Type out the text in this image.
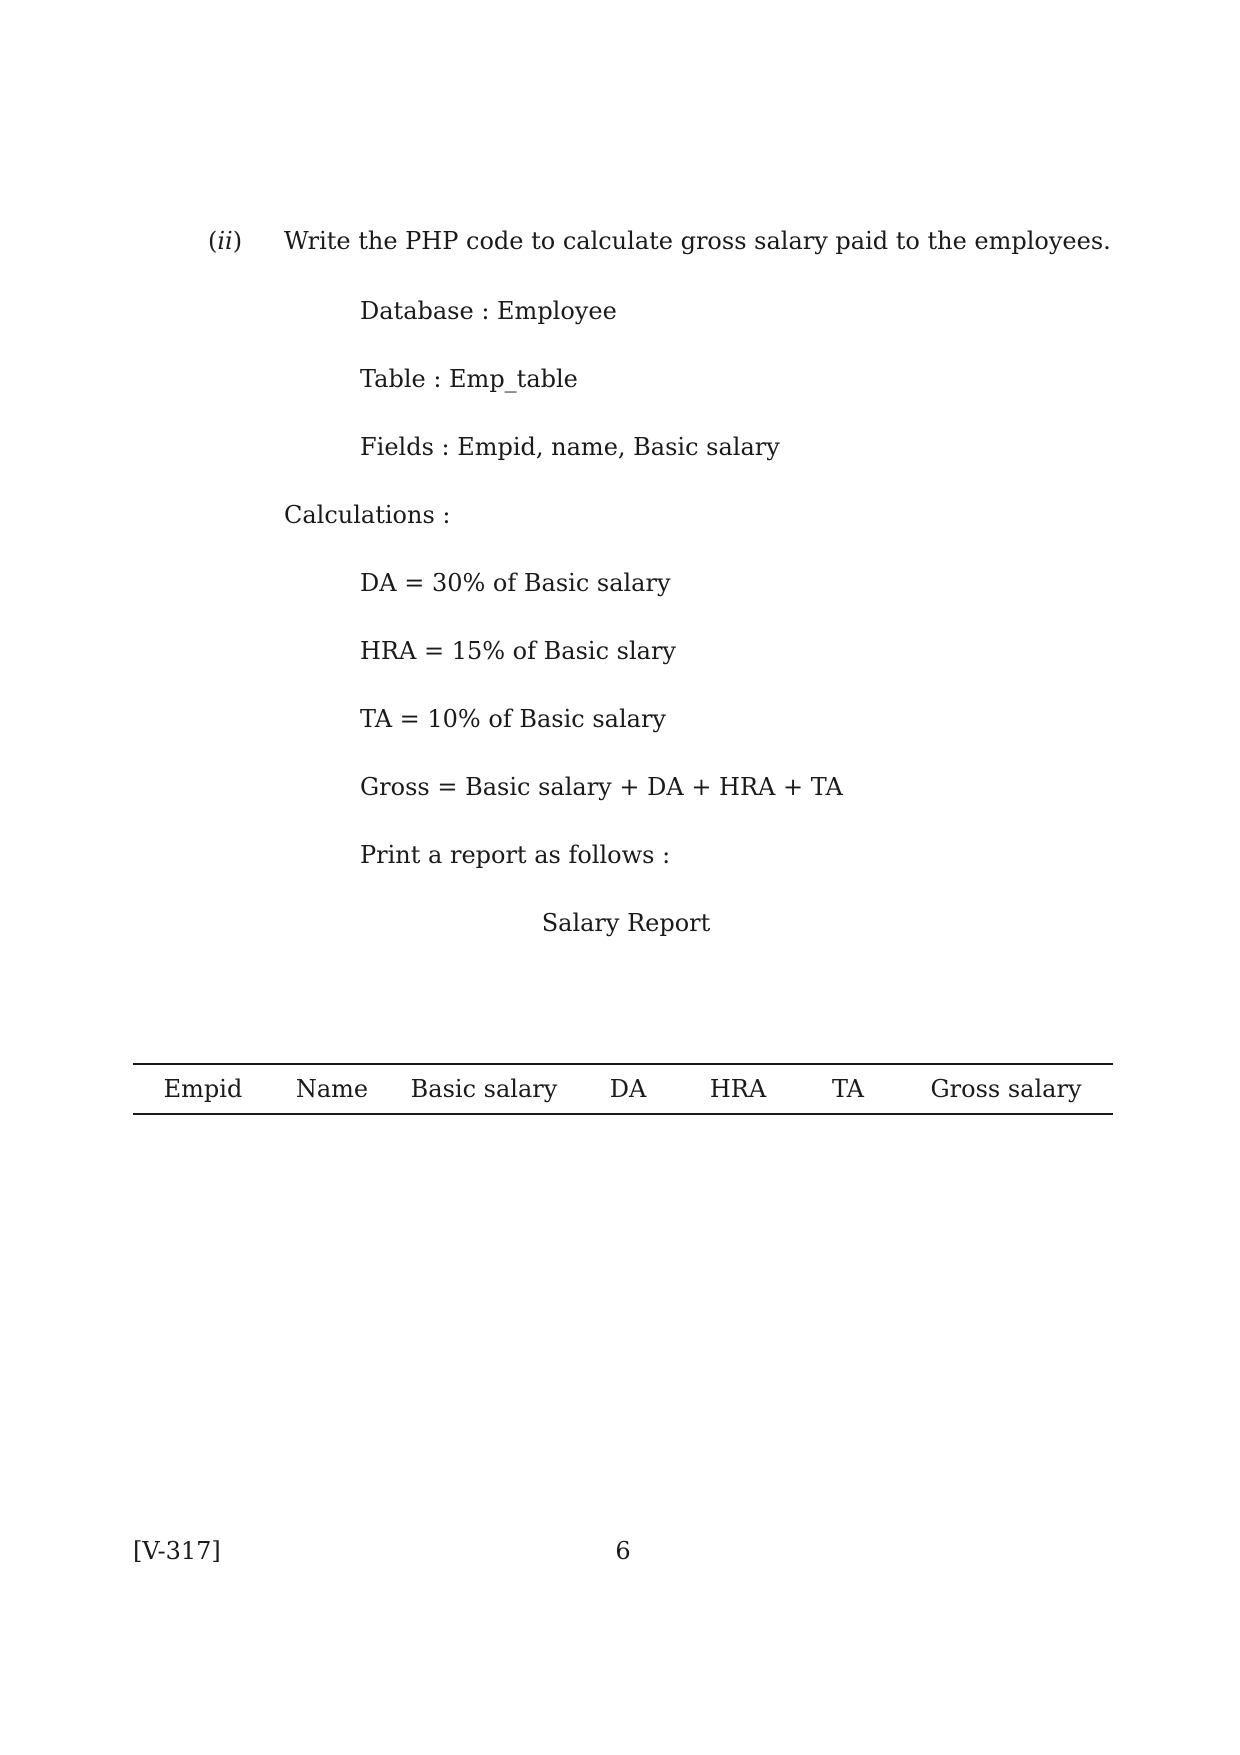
(ii) Write the PHP code to calculate gross salary paid to the employees.
Database : Employee
Table : Emp_table
Fields : Empid, name, Basic salary
Calculations :
DA = 30% of Basic salary
HRA = 15% of Basic slary
TA = 10% of Basic salary
Gross = Basic salary + DA + HRA + TA
Print a report as follows :
Salary Report
Empid	Name	Basic salary	DA	HRA	TA	Gross salary
[V-317]	6
